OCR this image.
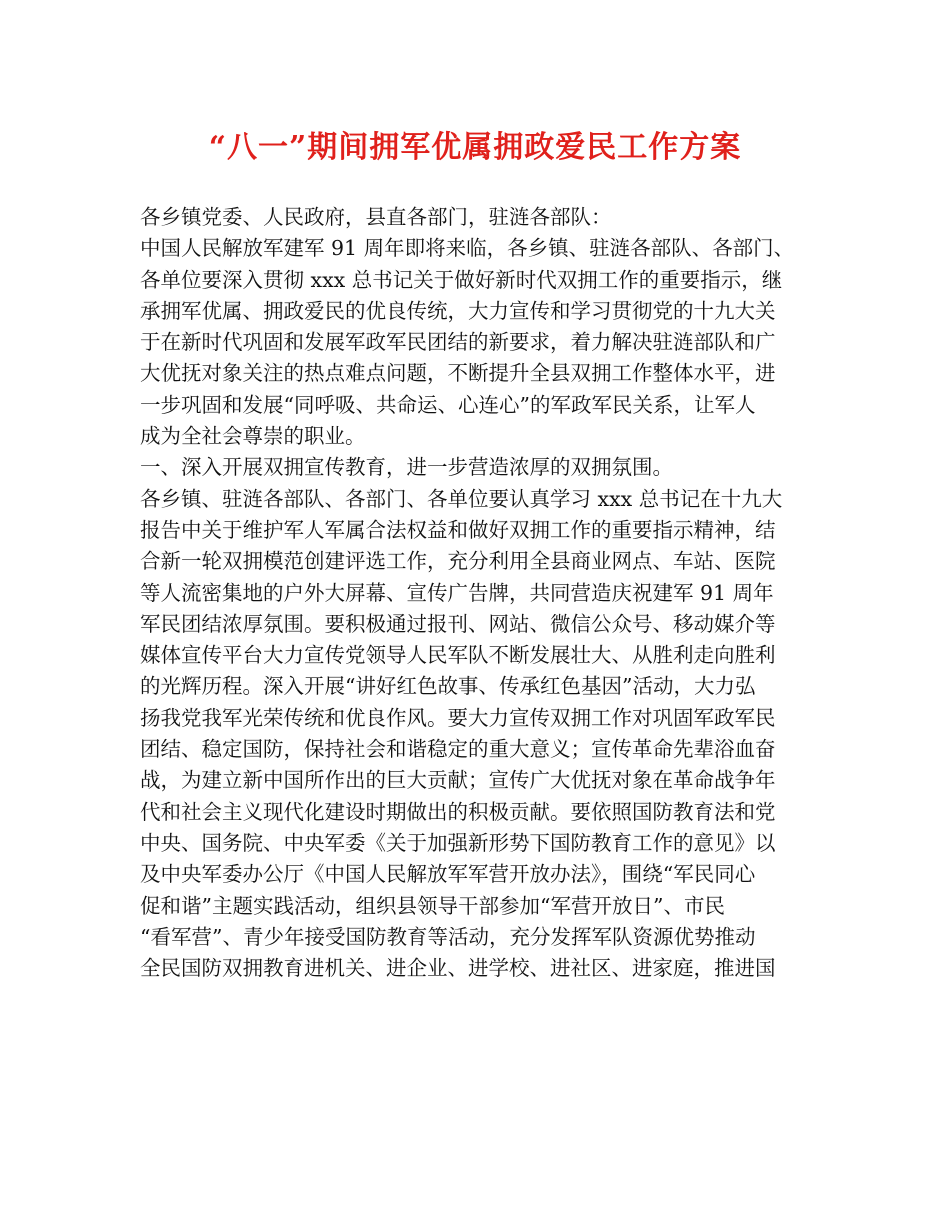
“八一”期间拥军优属拥政爱民工作方案
各乡镇党委、人民政府，县直各部门，驻涟各部队：
中国人民解放军建军 91 周年即将来临，各乡镇、驻涟各部队、各部门、
各单位要深入贯彻 xxx 总书记关于做好新时代双拥工作的重要指示，继
承拥军优属、拥政爱民的优良传统，大力宣传和学习贯彻党的十九大关
于在新时代巩固和发展军政军民团结的新要求，着力解决驻涟部队和广
大优抚对象关注的热点难点问题，不断提升全县双拥工作整体水平，进
一步巩固和发展“同呼吸、共命运、心连心”的军政军民关系，让军人
成为全社会尊崇的职业。
一、深入开展双拥宣传教育，进一步营造浓厚的双拥氛围。
各乡镇、驻涟各部队、各部门、各单位要认真学习 xxx 总书记在十九大
报告中关于维护军人军属合法权益和做好双拥工作的重要指示精神，结
合新一轮双拥模范创建评选工作，充分利用全县商业网点、车站、医院
等人流密集地的户外大屏幕、宣传广告牌，共同营造庆祝建军 91 周年
军民团结浓厚氛围。要积极通过报刊、网站、微信公众号、移动媒介等
媒体宣传平台大力宣传党领导人民军队不断发展壮大、从胜利走向胜利
的光辉历程。深入开展“讲好红色故事、传承红色基因”活动，大力弘
扬我党我军光荣传统和优良作风。要大力宣传双拥工作对巩固军政军民
团结、稳定国防，保持社会和谐稳定的重大意义；宣传革命先辈浴血奋
战，为建立新中国所作出的巨大贡献；宣传广大优抚对象在革命战争年
代和社会主义现代化建设时期做出的积极贡献。要依照国防教育法和党
中央、国务院、中央军委《关于加强新形势下国防教育工作的意见》以
及中央军委办公厅《中国人民解放军军营开放办法》，围绕“军民同心
促和谐”主题实践活动，组织县领导干部参加“军营开放日”、市民
“看军营”、青少年接受国防教育等活动，充分发挥军队资源优势推动
全民国防双拥教育进机关、进企业、进学校、进社区、进家庭，推进国
